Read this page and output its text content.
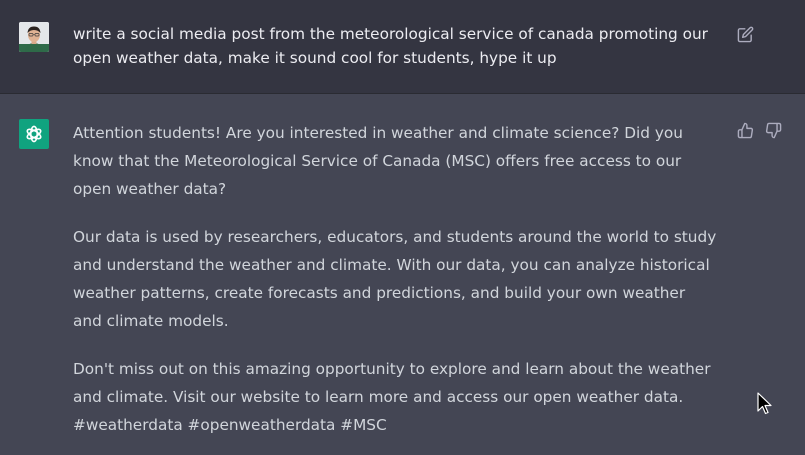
write a social media post from the meteorological service of canada promoting our open weather data, make it sound cool for students, hype it up

Attention students! Are you interested in weather and climate science? Did you know that the Meteorological Service of Canada (MSC) offers free access to our open weather data?

Our data is used by researchers, educators, and students around the world to study and understand the weather and climate. With our data, you can analyze historical weather patterns, create forecasts and predictions, and build your own weather and climate models.

Don't miss out on this amazing opportunity to explore and learn about the weather and climate. Visit our website to learn more and access our open weather data. #weatherdata #openweatherdata #MSC
